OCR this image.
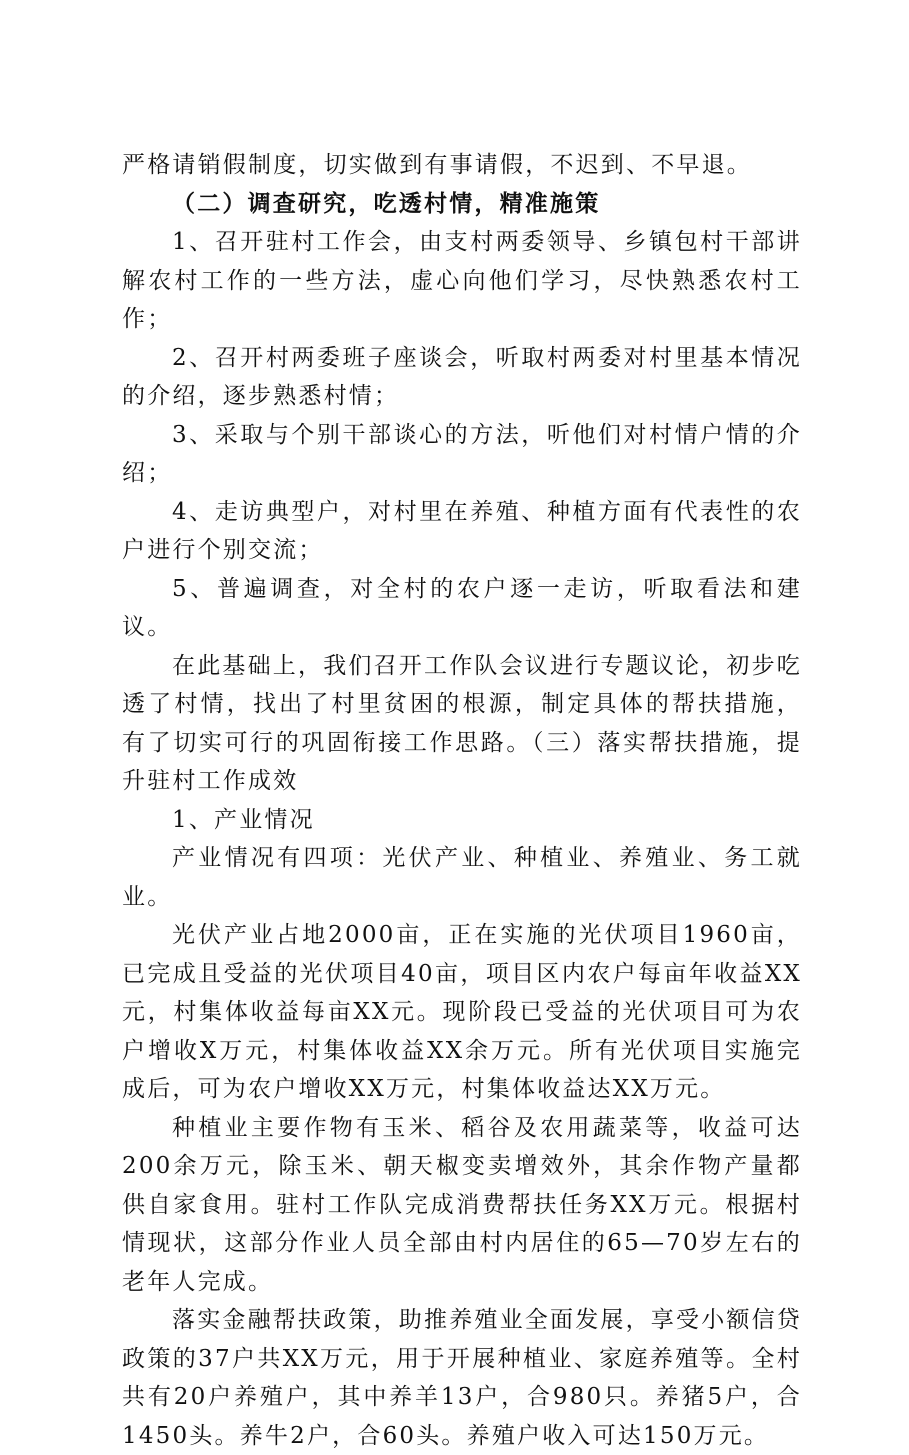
严格请销假制度，切实做到有事请假，不迟到、不早退。

（二）调查研究，吃透村情，精准施策

1、召开驻村工作会，由支村两委领导、乡镇包村干部讲解农村工作的一些方法，虚心向他们学习，尽快熟悉农村工作；

2、召开村两委班子座谈会，听取村两委对村里基本情况的介绍，逐步熟悉村情；

3、采取与个别干部谈心的方法，听他们对村情户情的介绍；

4、走访典型户，对村里在养殖、种植方面有代表性的农户进行个别交流；

5、普遍调查，对全村的农户逐一走访，听取看法和建议。

在此基础上，我们召开工作队会议进行专题议论，初步吃透了村情，找出了村里贫困的根源，制定具体的帮扶措施，有了切实可行的巩固衔接工作思路。（三）落实帮扶措施，提升驻村工作成效

1、产业情况

产业情况有四项：光伏产业、种植业、养殖业、务工就业。

光伏产业占地2000亩，正在实施的光伏项目1960亩，已完成且受益的光伏项目40亩，项目区内农户每亩年收益XX元，村集体收益每亩XX元。现阶段已受益的光伏项目可为农户增收X万元，村集体收益XX余万元。所有光伏项目实施完成后，可为农户增收XX万元，村集体收益达XX万元。

种植业主要作物有玉米、稻谷及农用蔬菜等，收益可达200余万元，除玉米、朝天椒变卖增效外，其余作物产量都供自家食用。驻村工作队完成消费帮扶任务XX万元。根据村情现状，这部分作业人员全部由村内居住的65—70岁左右的老年人完成。

落实金融帮扶政策，助推养殖业全面发展，享受小额信贷政策的37户共XX万元，用于开展种植业、家庭养殖等。全村共有20户养殖户，其中养羊13户，合980只。养猪5户，合1450头。养牛2户，合60头。养殖户收入可达150万元。
